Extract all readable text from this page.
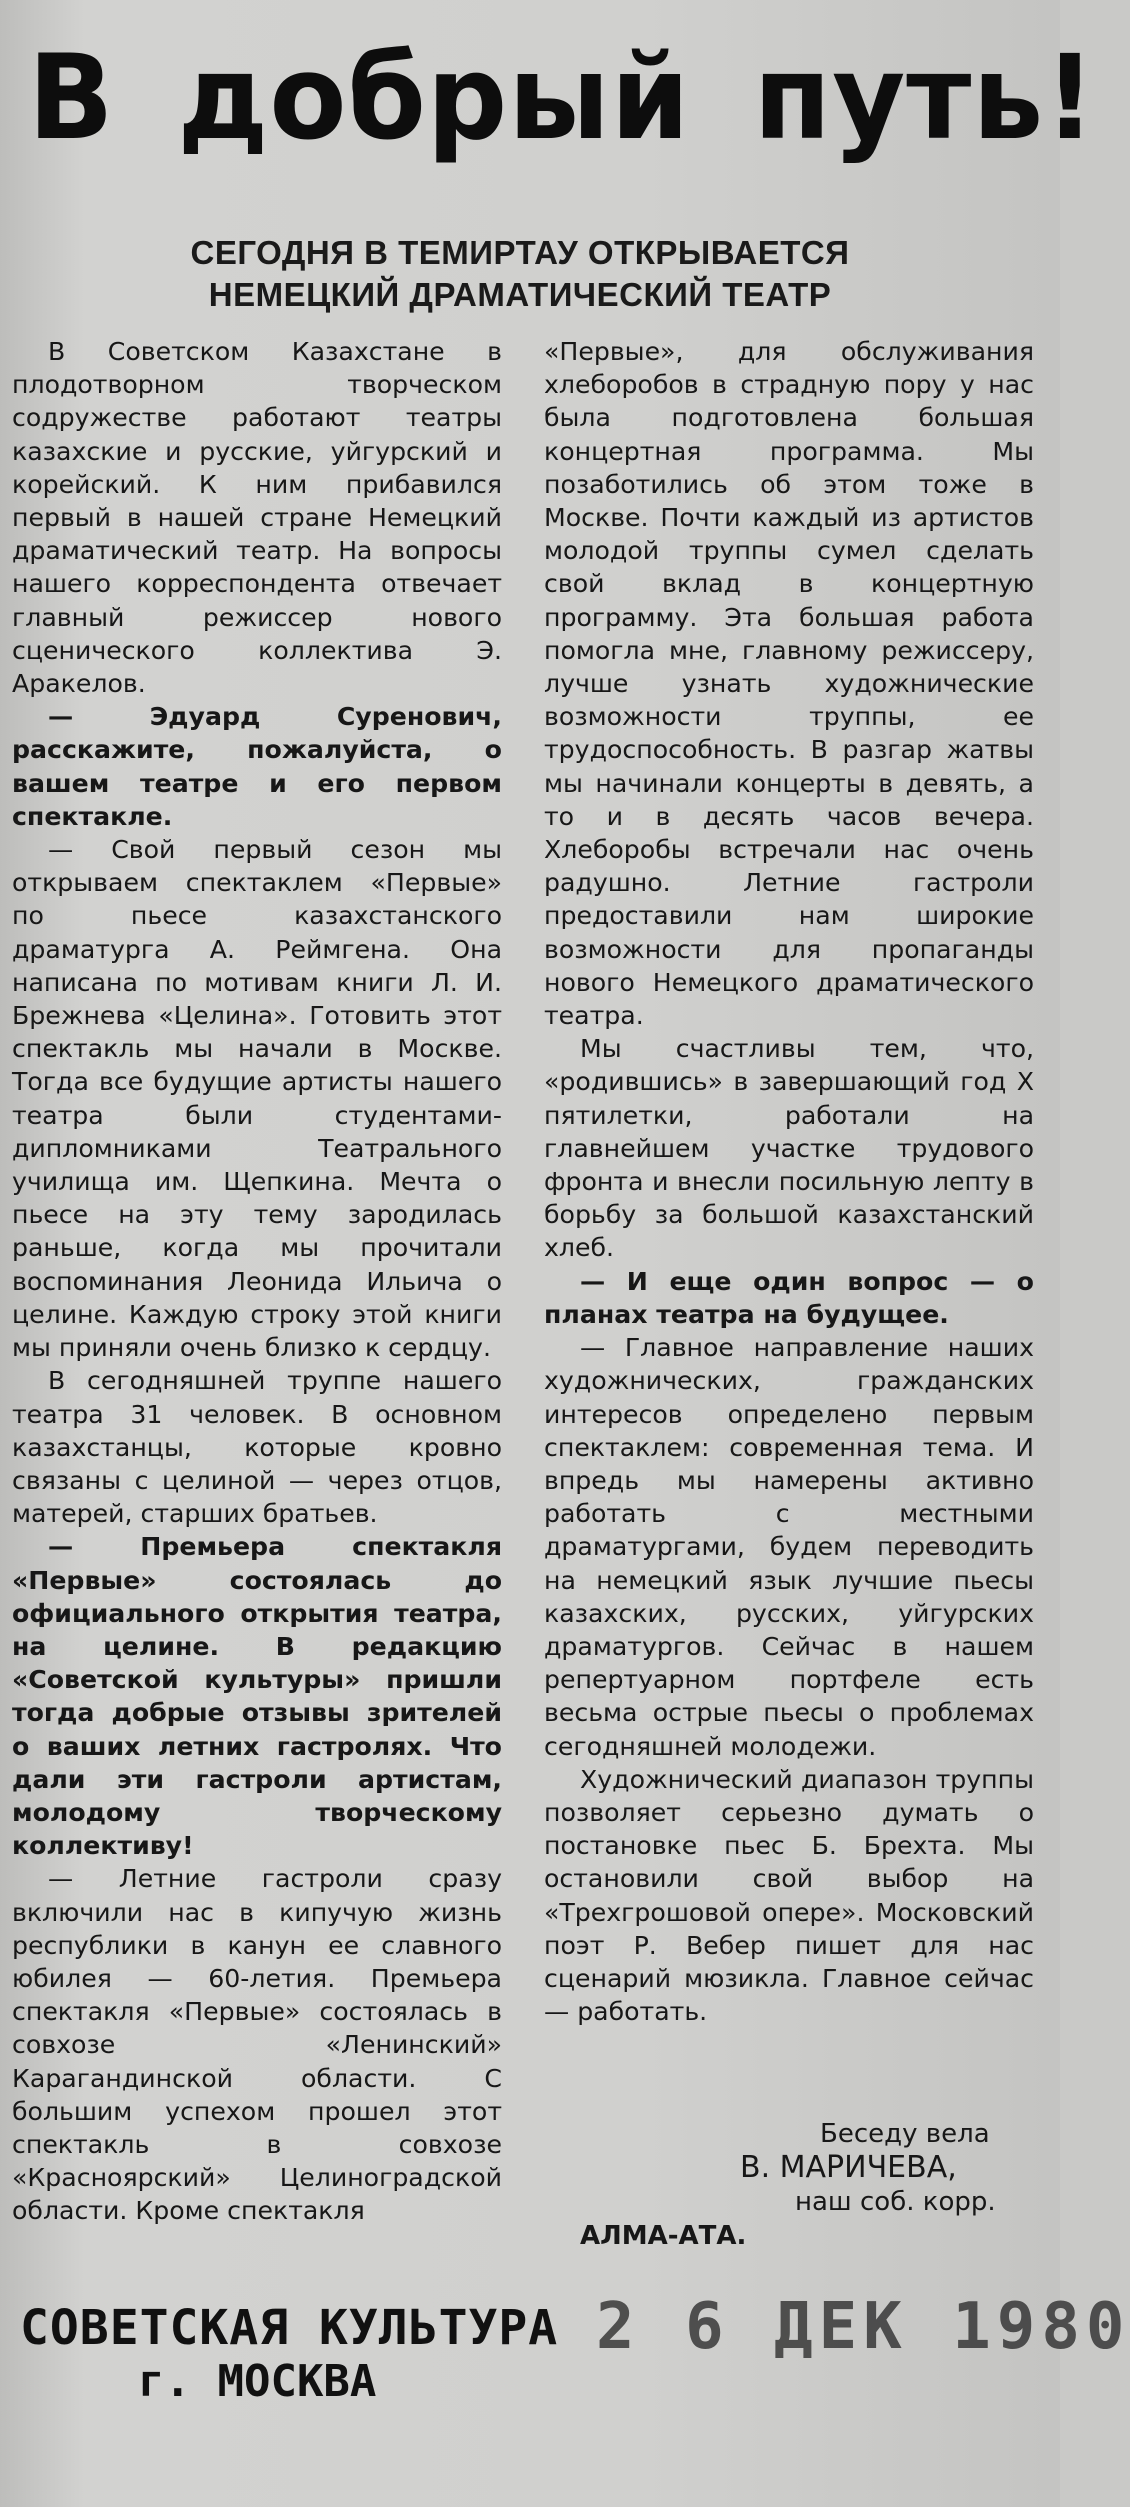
В добрый путь!
СЕГОДНЯ В ТЕМИРТАУ ОТКРЫВАЕТСЯ
НЕМЕЦКИЙ ДРАМАТИЧЕСКИЙ ТЕАТР

В Советском Казахстане в плодотворном творческом содружестве работают театры казахские и русские, уйгурский и корейский. К ним прибавился первый в нашей стране Немецкий драматический театр. На вопросы нашего корреспондента отвечает главный режиссер нового сценического коллектива Э. Аракелов.

— Эдуард Суренович, расскажите, пожалуйста, о вашем театре и его первом спектакле.

— Свой первый сезон мы открываем спектаклем «Первые» по пьесе казахстанского драматурга А. Реймгена. Она написана по мотивам книги Л. И. Брежнева «Целина». Готовить этот спектакль мы начали в Москве. Тогда все будущие артисты нашего театра были студентами-дипломниками Театрального училища им. Щепкина. Мечта о пьесе на эту тему зародилась раньше, когда мы прочитали воспоминания Леонида Ильича о целине. Каждую строку этой книги мы приняли очень близко к сердцу.

В сегодняшней труппе нашего театра 31 человек. В основном казахстанцы, которые кровно связаны с целиной — через отцов, матерей, старших братьев.

— Премьера спектакля «Первые» состоялась до официального открытия театра, на целине. В редакцию «Советской культуры» пришли тогда добрые отзывы зрителей о ваших летних гастролях. Что дали эти гастроли артистам, молодому творческому коллективу!

— Летние гастроли сразу включили нас в кипучую жизнь республики в канун ее славного юбилея — 60-летия. Премьера спектакля «Первые» состоялась в совхозе «Ленинский» Карагандинской области. С большим успехом прошел этот спектакль в совхозе «Красноярский» Целиноградской области. Кроме спектакля

«Первые», для обслуживания хлеборобов в страдную пору у нас была подготовлена большая концертная программа. Мы позаботились об этом тоже в Москве. Почти каждый из артистов молодой труппы сумел сделать свой вклад в концертную программу. Эта большая работа помогла мне, главному режиссеру, лучше узнать художнические возможности труппы, ее трудоспособность. В разгар жатвы мы начинали концерты в девять, а то и в десять часов вечера. Хлеборобы встречали нас очень радушно. Летние гастроли предоставили нам широкие возможности для пропаганды нового Немецкого драматического театра.

Мы счастливы тем, что, «родившись» в завершающий год X пятилетки, работали на главнейшем участке трудового фронта и внесли посильную лепту в борьбу за большой казахстанский хлеб.

— И еще один вопрос — о планах театра на будущее.

— Главное направление наших художнических, гражданских интересов определено первым спектаклем: современная тема. И впредь мы намерены активно работать с местными драматургами, будем переводить на немецкий язык лучшие пьесы казахских, русских, уйгурских драматургов. Сейчас в нашем репертуарном портфеле есть весьма острые пьесы о проблемах сегодняшней молодежи.

Художнический диапазон труппы позволяет серьезно думать о постановке пьес Б. Брехта. Мы остановили свой выбор на «Трехгрошовой опере». Московский поэт Р. Вебер пишет для нас сценарий мюзикла. Главное сейчас — работать.

Беседу вела
В. МАРИЧЕВА,
наш соб. корр.
АЛМА-АТА.
СОВЕТСКАЯ КУЛЬТУРА
г. МОСКВА
2 6 ДЕК 1980
